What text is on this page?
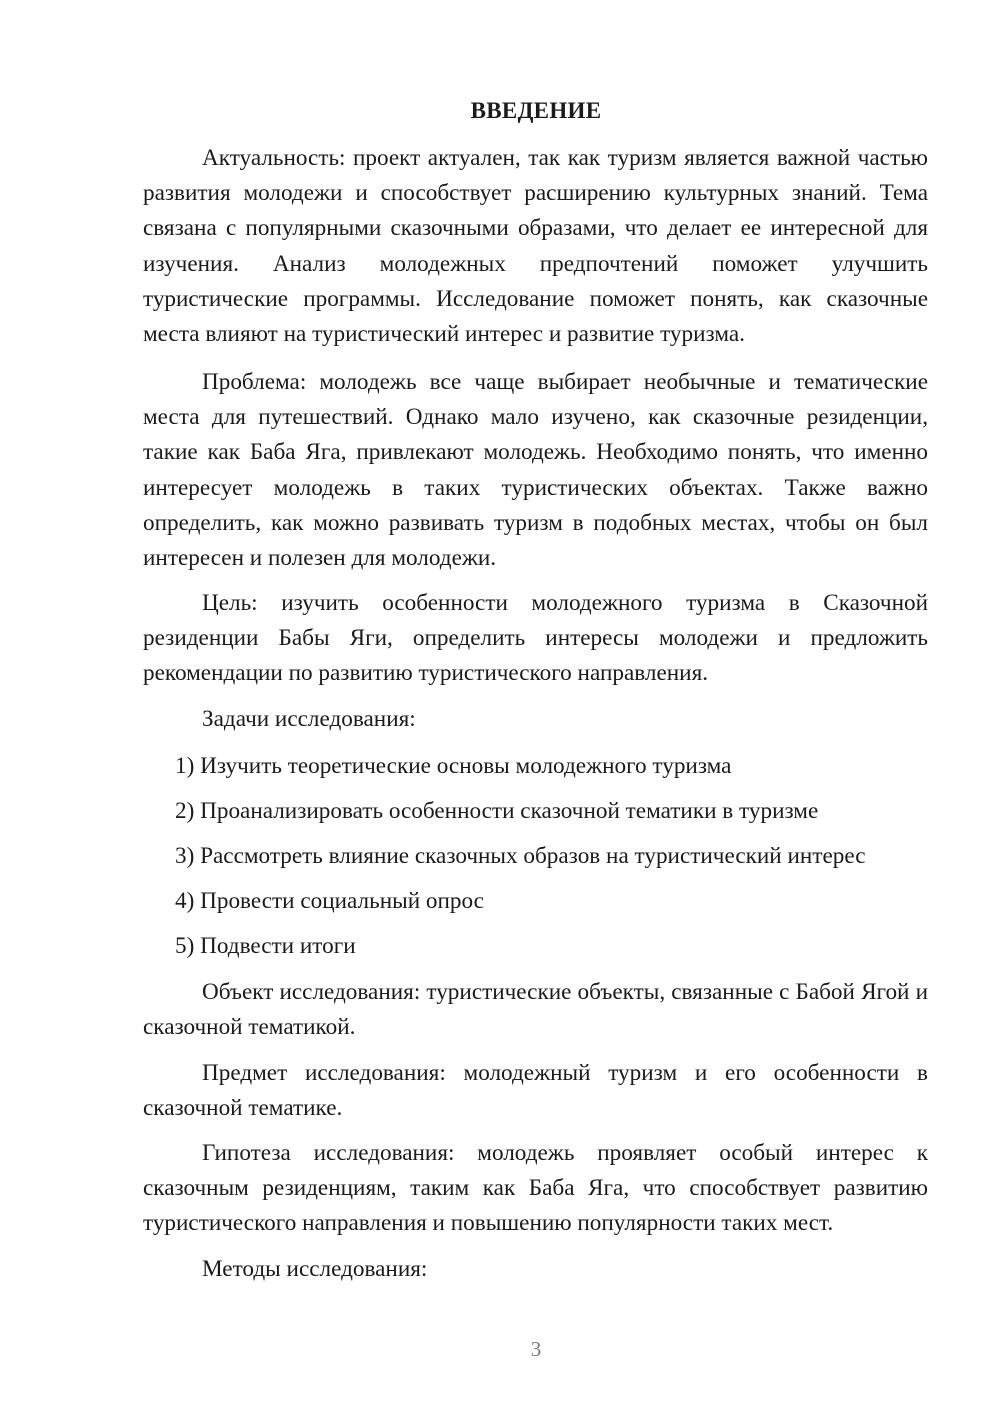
ВВЕДЕНИЕ

Актуальность: проект актуален, так как туризм является важной частью развития молодежи и способствует расширению культурных знаний. Тема связана с популярными сказочными образами, что делает ее интересной для изучения. Анализ молодежных предпочтений поможет улучшить туристические программы. Исследование поможет понять, как сказочные места влияют на туристический интерес и развитие туризма.

Проблема: молодежь все чаще выбирает необычные и тематические места для путешествий. Однако мало изучено, как сказочные резиденции, такие как Баба Яга, привлекают молодежь. Необходимо понять, что именно интересует молодежь в таких туристических объектах. Также важно определить, как можно развивать туризм в подобных местах, чтобы он был интересен и полезен для молодежи.

Цель: изучить особенности молодежного туризма в Сказочной резиденции Бабы Яги, определить интересы молодежи и предложить рекомендации по развитию туристического направления.

Задачи исследования:

1) Изучить теоретические основы молодежного туризма

2) Проанализировать особенности сказочной тематики в туризме

3) Рассмотреть влияние сказочных образов на туристический интерес

4) Провести социальный опрос

5) Подвести итоги

Объект исследования: туристические объекты, связанные с Бабой Ягой и сказочной тематикой.

Предмет исследования: молодежный туризм и его особенности в сказочной тематике.

Гипотеза исследования: молодежь проявляет особый интерес к сказочным резиденциям, таким как Баба Яга, что способствует развитию туристического направления и повышению популярности таких мест.

Методы исследования:

3
